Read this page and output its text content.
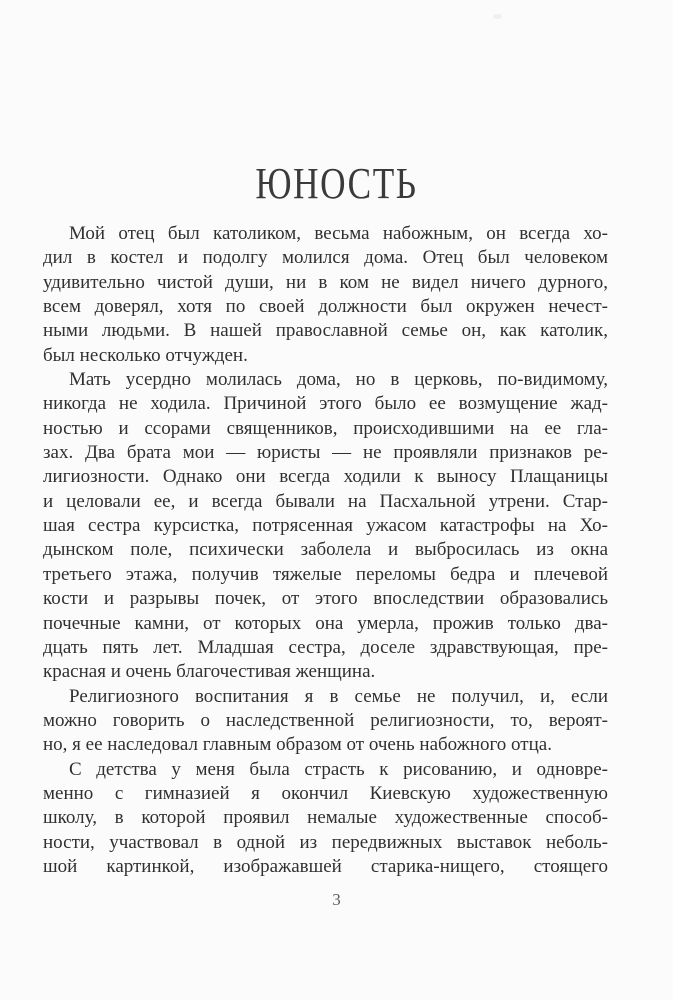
ЮНОСТЬ

Мой отец был католиком, весьма набожным, он всегда хо-
дил в костел и подолгу молился дома. Отец был человеком
удивительно чистой души, ни в ком не видел ничего дурного,
всем доверял, хотя по своей должности был окружен нечест-
ными людьми. В нашей православной семье он, как католик,
был несколько отчужден.

Мать усердно молилась дома, но в церковь, по-видимому,
никогда не ходила. Причиной этого было ее возмущение жад-
ностью и ссорами священников, происходившими на ее гла-
зах. Два брата мои — юристы — не проявляли признаков ре-
лигиозности. Однако они всегда ходили к выносу Плащаницы
и целовали ее, и всегда бывали на Пасхальной утрени. Стар-
шая сестра курсистка, потрясенная ужасом катастрофы на Хо-
дынском поле, психически заболела и выбросилась из окна
третьего этажа, получив тяжелые переломы бедра и плечевой
кости и разрывы почек, от этого впоследствии образовались
почечные камни, от которых она умерла, прожив только два-
дцать пять лет. Младшая сестра, доселе здравствующая, пре-
красная и очень благочестивая женщина.

Религиозного воспитания я в семье не получил, и, если
можно говорить о наследственной религиозности, то, вероят-
но, я ее наследовал главным образом от очень набожного отца.

С детства у меня была страсть к рисованию, и одновре-
менно с гимназией я окончил Киевскую художественную
школу, в которой проявил немалые художественные способ-
ности, участвовал в одной из передвижных выставок неболь-
шой картинкой, изображавшей старика-нищего, стоящего

3
